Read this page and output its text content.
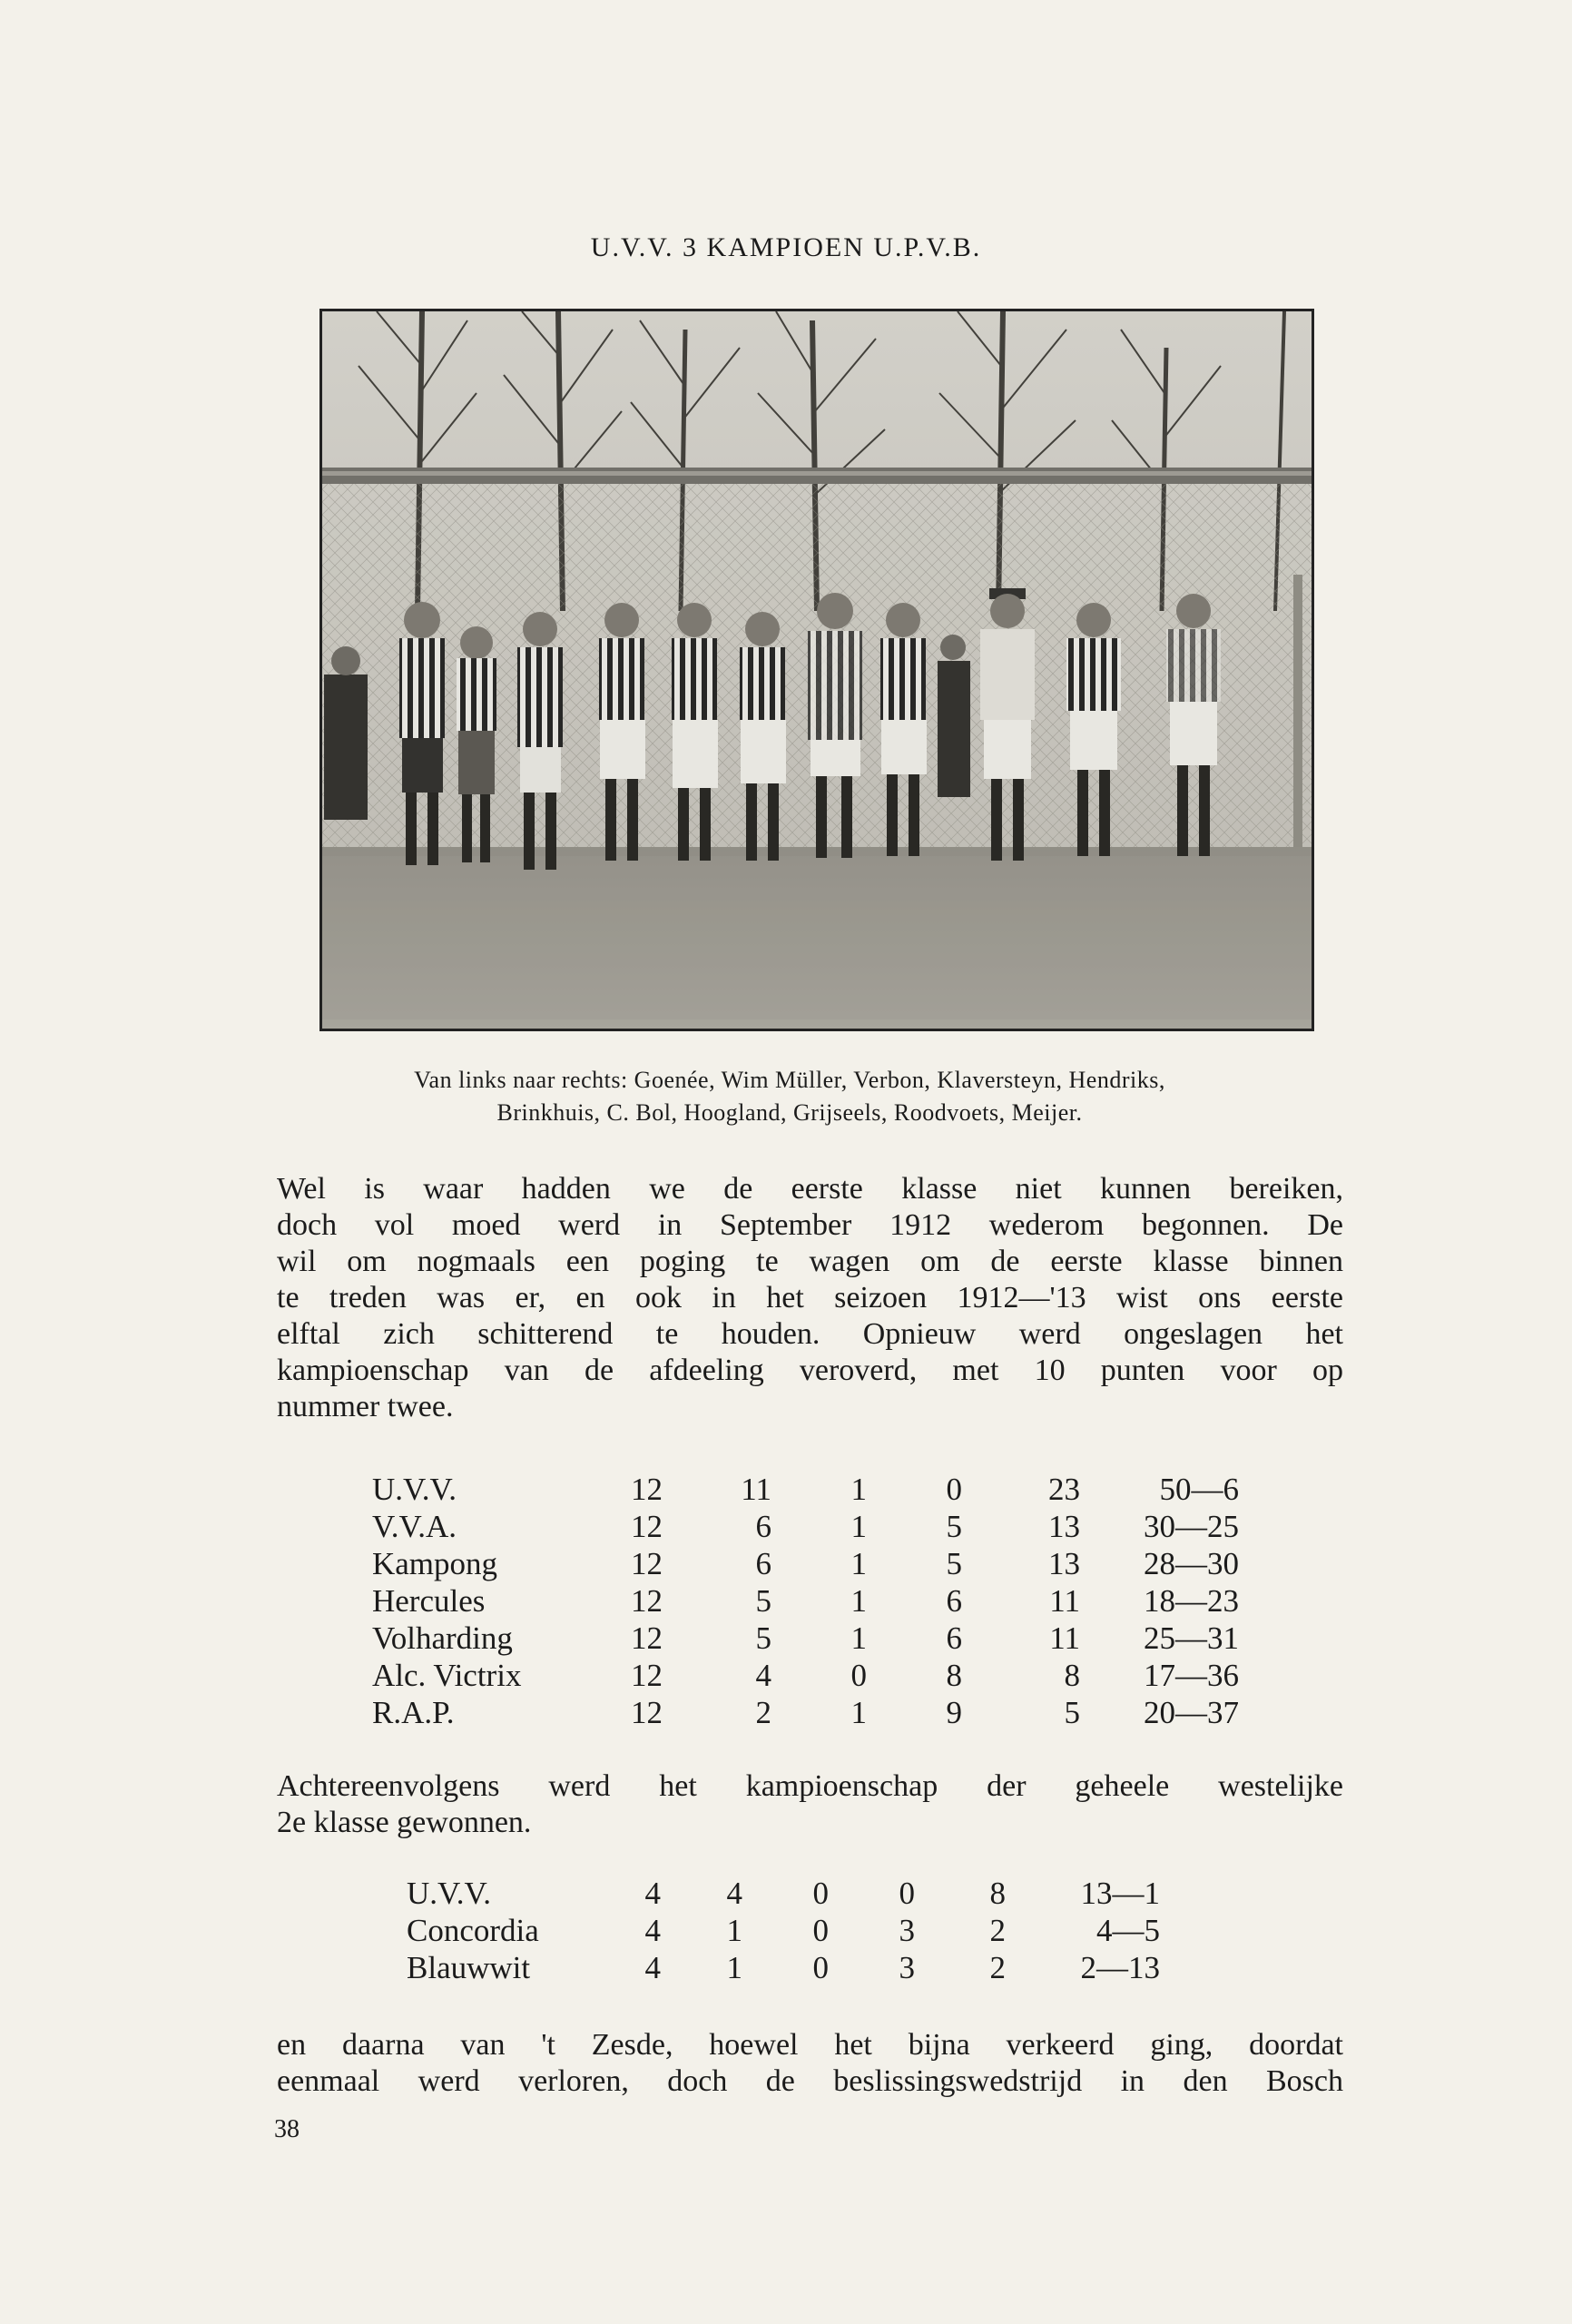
U.V.V. 3 KAMPIOEN U.P.V.B.
Van links naar rechts: Goenée, Wim Müller, Verbon, Klaversteyn, Hendriks,
Brinkhuis, C. Bol, Hoogland, Grijseels, Roodvoets, Meijer.
Wel is waar hadden we de eerste klasse niet kunnen bereiken,
doch vol moed werd in September 1912 wederom begonnen. De
wil om nogmaals een poging te wagen om de eerste klasse binnen
te treden was er, en ook in het seizoen 1912—'13 wist ons eerste
elftal zich schitterend te houden. Opnieuw werd ongeslagen het
kampioenschap van de afdeeling veroverd, met 10 punten voor op
nummer twee.
U.V.V.	12	11	1	0	23	50—6
V.V.A.	12	6	1	5	13	30—25
Kampong	12	6	1	5	13	28—30
Hercules	12	5	1	6	11	18—23
Volharding	12	5	1	6	11	25—31
Alc. Victrix	12	4	0	8	8	17—36
R.A.P.	12	2	1	9	5	20—37
Achtereenvolgens werd het kampioenschap der geheele westelijke
2e klasse gewonnen.
U.V.V.	4	4	0	0	8	13—1
Concordia	4	1	0	3	2	4—5
Blauwwit	4	1	0	3	2	2—13
en daarna van 't Zesde, hoewel het bijna verkeerd ging, doordat
eenmaal werd verloren, doch de beslissingswedstrijd in den Bosch
38
